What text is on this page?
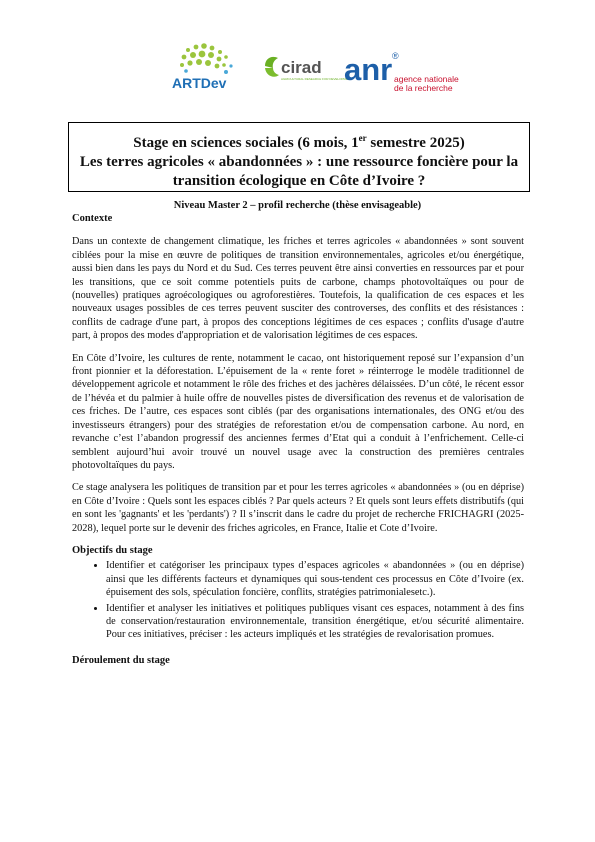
ARTDev
cirad
AGRICULTURAL RESEARCH FOR DEVELOPMENT
anr ®
agence nationale
de la recherche
Stage en sciences sociales (6 mois, 1er semestre 2025)
Les terres agricoles « abandonnées » : une ressource foncière pour la transition écologique en Côte d’Ivoire ?
Niveau Master 2 – profil recherche (thèse envisageable)
Contexte
Dans un contexte de changement climatique, les friches et terres agricoles « abandonnées » sont souvent ciblées pour la mise en œuvre de politiques de transition environnementales, agricoles et/ou énergétique, aussi bien dans les pays du Nord et du Sud. Ces terres peuvent être ainsi converties en ressources par et pour les transitions, que ce soit comme potentiels puits de carbone, champs photovoltaïques ou pour de (nouvelles) pratiques agroécologiques ou agroforestières. Toutefois, la qualification de ces espaces et les nouveaux usages possibles de ces terres peuvent susciter des controverses, des conflits et des résistances : conflits de cadrage d'une part, à propos des conceptions légitimes de ces espaces ; conflits d'usage d'autre part, à propos des modes d'appropriation et de valorisation légitimes de ces espaces.
En Côte d’Ivoire, les cultures de rente, notamment le cacao, ont historiquement reposé sur l’expansion d’un front pionnier et la déforestation. L’épuisement de la « rente foret » réinterroge le modèle traditionnel de développement agricole et notamment le rôle des friches et des jachères délaissées. D’un côté, le récent essor de l’hévéa et du palmier à huile offre de nouvelles pistes de diversification des revenus et de valorisation de ces friches. De l’autre, ces espaces sont ciblés (par des organisations internationales, des ONG et/ou des investisseurs étrangers) pour des stratégies de reforestation et/ou de compensation carbone. Au nord, en revanche c’est l’abandon progressif des anciennes fermes d’Etat qui a conduit à l’enfrichement. Celle-ci semblent aujourd’hui avoir trouvé un nouvel usage avec la construction des premières centrales photovoltaïques du pays.
Ce stage analysera les politiques de transition par et pour les terres agricoles « abandonnées » (ou en déprise) en Côte d’Ivoire : Quels sont les espaces ciblés ? Par quels acteurs ? Et quels sont leurs effets distributifs (qui en sont les 'gagnants' et les 'perdants') ? Il s’inscrit dans le cadre du projet de recherche FRICHAGRI (2025-2028), lequel porte sur le devenir des friches agricoles, en France, Italie et Cote d’Ivoire.
Objectifs du stage
• Identifier et catégoriser les principaux types d’espaces agricoles « abandonnées » (ou en déprise) ainsi que les différents facteurs et dynamiques qui sous-tendent ces processus en Côte d’Ivoire (ex. épuisement des sols, spéculation foncière, conflits, stratégies patrimonialesetc.).
• Identifier et analyser les initiatives et politiques publiques visant ces espaces, notamment à des fins de conservation/restauration environnementale, transition énergétique, et/ou sécurité alimentaire. Pour ces initiatives, préciser : les acteurs impliqués et les stratégies de revalorisation promues.
Déroulement du stage
